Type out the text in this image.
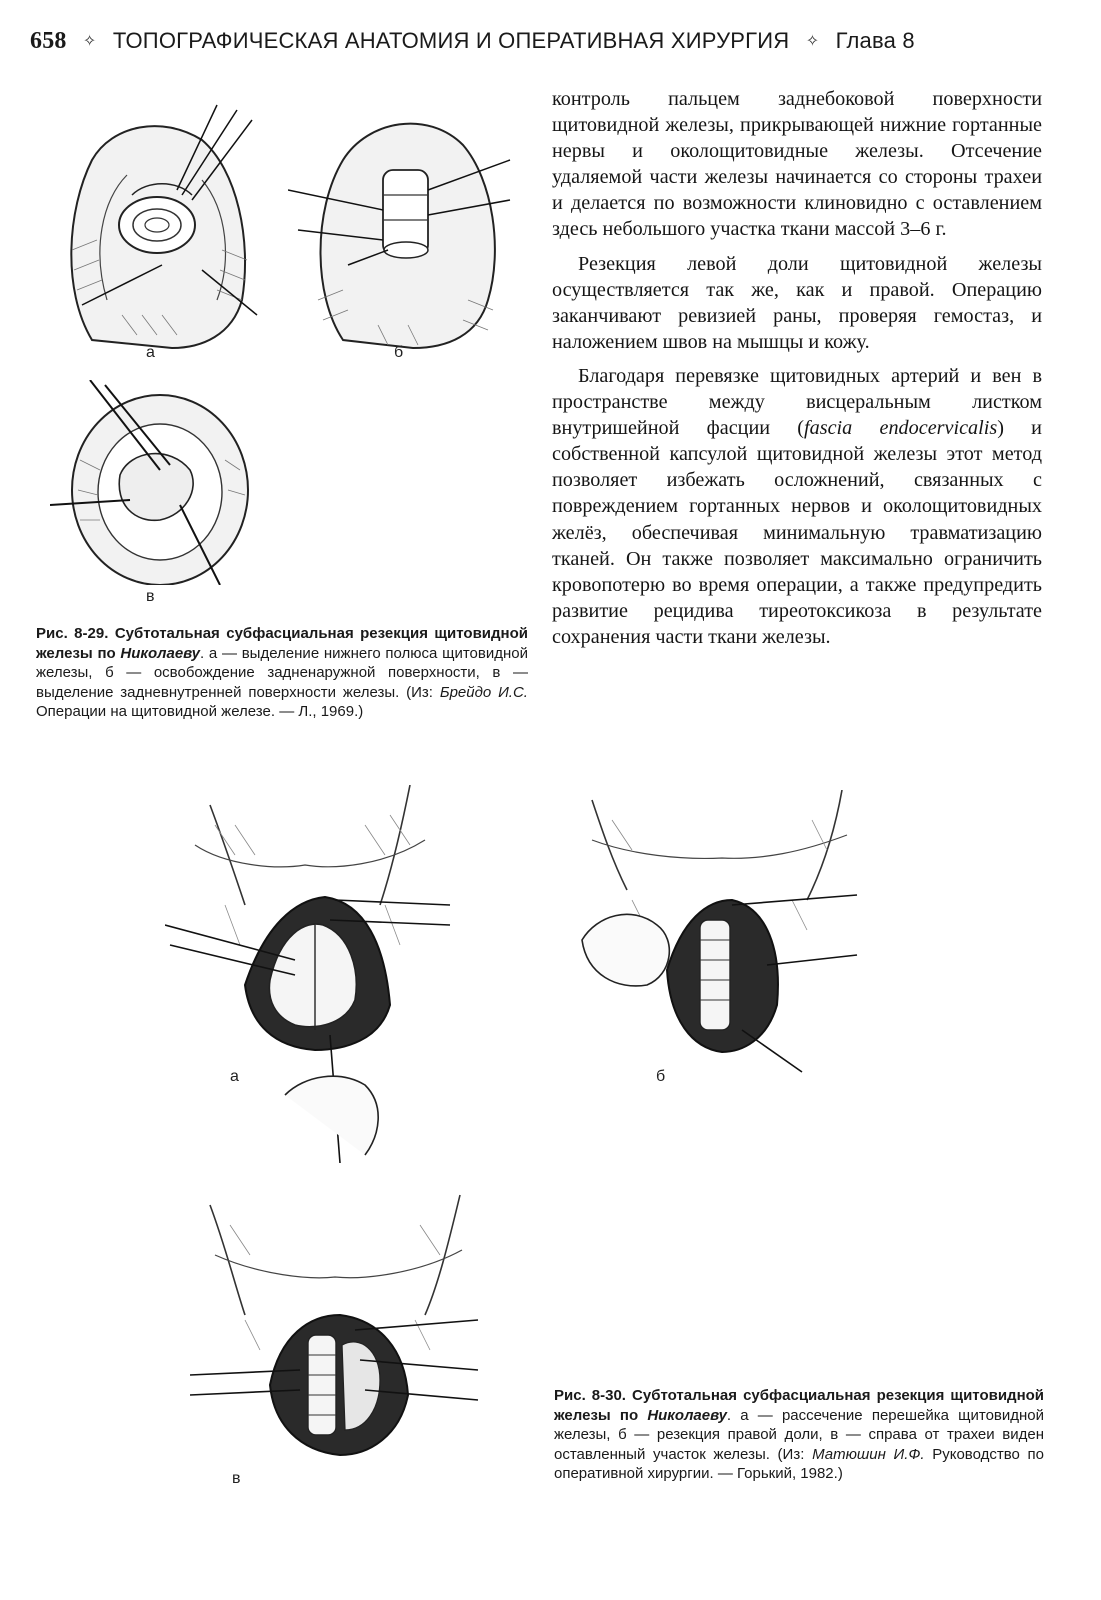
658 ✧ ТОПОГРАФИЧЕСКАЯ АНАТОМИЯ И ОПЕРАТИВНАЯ ХИРУРГИЯ ✧ Глава 8
а	б
в
Рис. 8-29. Субтотальная субфасциальная резекция щитовидной железы по Николаеву. а — выделение нижнего полюса щитовидной железы, б — освобождение задненаружной поверхности, в — выделение задневнутренней поверхности железы. (Из: Брейдо И.С. Операции на щитовидной железе. — Л., 1969.)

контроль пальцем заднебоковой поверхности щитовидной железы, прикрывающей нижние гортанные нервы и околощитовидные железы. Отсечение удаляемой части железы начинается со стороны трахеи и делается по возможности клиновидно с оставлением здесь небольшого участка ткани массой 3–6 г.

Резекция левой доли щитовидной железы осуществляется так же, как и правой. Операцию заканчивают ревизией раны, проверяя гемостаз, и наложением швов на мышцы и кожу.

Благодаря перевязке щитовидных артерий и вен в пространстве между висцеральным листком внутришейной фасции (fascia endocervicalis) и собственной капсулой щитовидной железы этот метод позволяет избежать осложнений, связанных с повреждением гортанных нервов и околощитовидных желёз, обеспечивая минимальную травматизацию тканей. Он также позволяет максимально ограничить кровопотерю во время операции, а также предупредить развитие рецидива тиреотоксикоза в результате сохранения части ткани железы.

а	б
в
Рис. 8-30. Субтотальная субфасциальная резекция щитовидной железы по Николаеву. а — рассечение перешейка щитовидной железы, б — резекция правой доли, в — справа от трахеи виден оставленный участок железы. (Из: Матюшин И.Ф. Руководство по оперативной хирургии. — Горький, 1982.)
